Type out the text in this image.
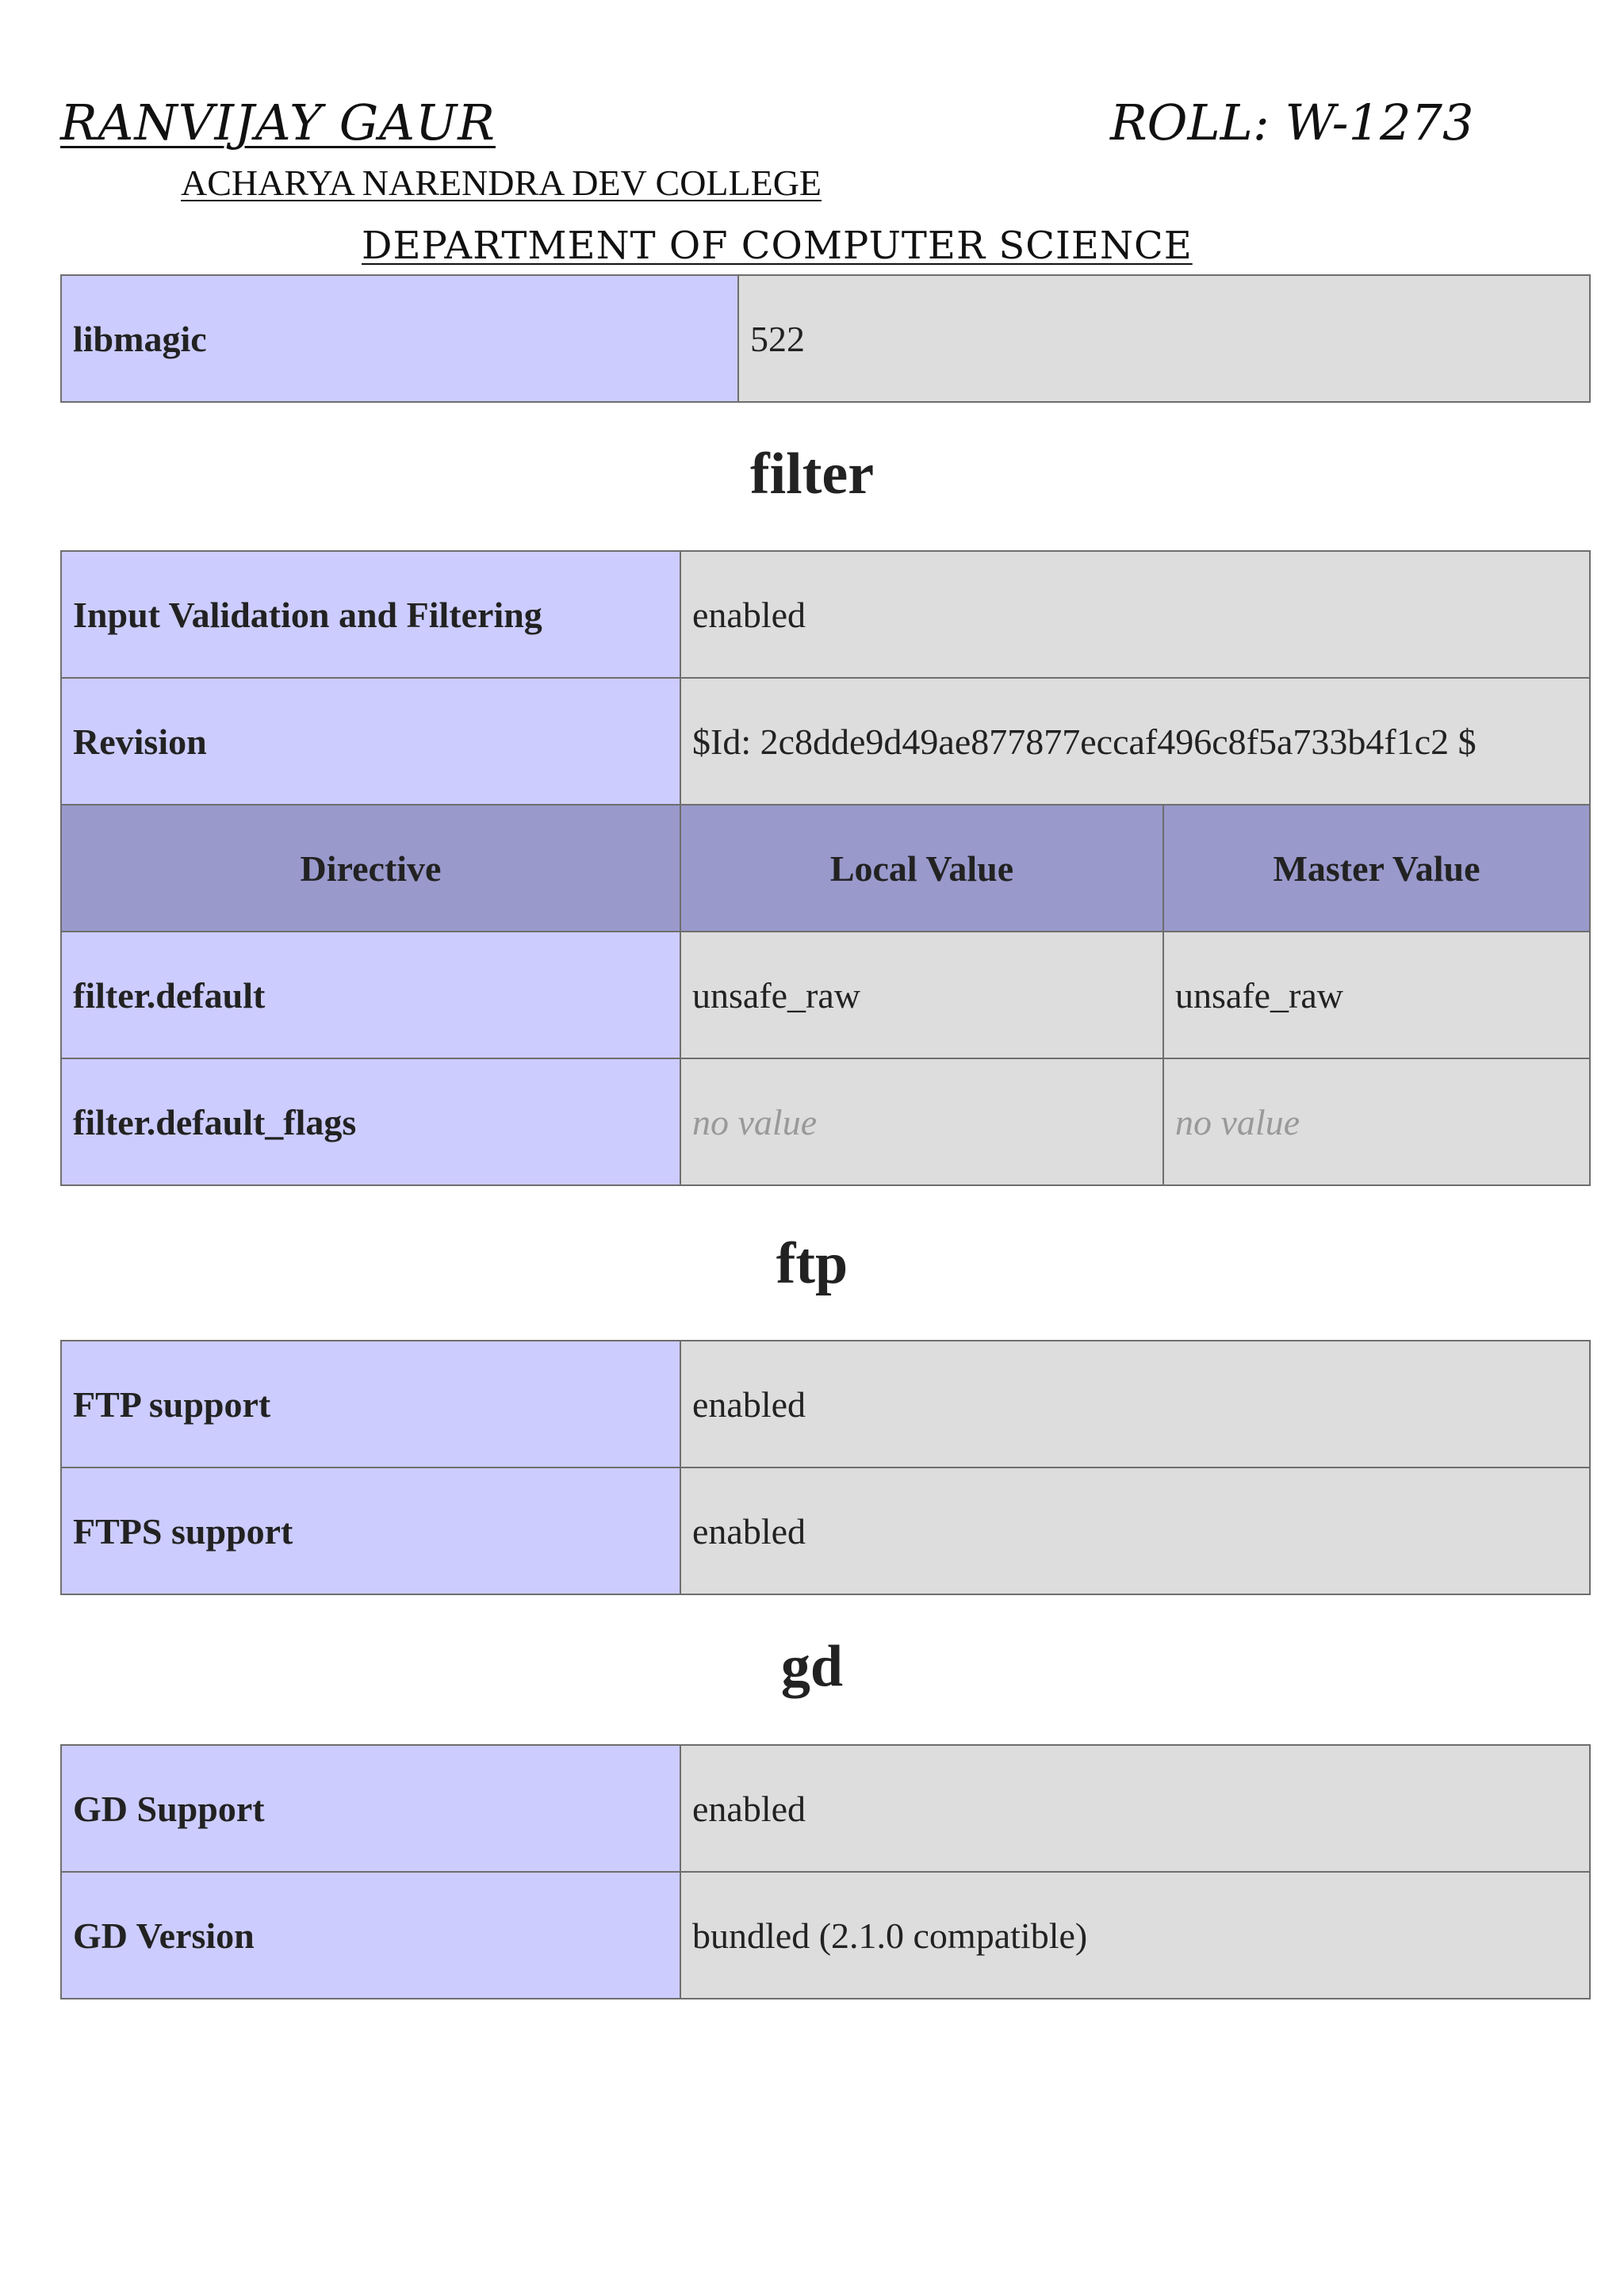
RANVIJAY GAUR	ROLL: W-1273
ACHARYA NARENDRA DEV COLLEGE
DEPARTMENT OF COMPUTER SCIENCE
libmagic	522
filter
Input Validation and Filtering	enabled	
Revision	$Id: 2c8dde9d49ae877877eccaf496c8f5a733b4f1c2 $	
Directive	Local Value	Master Value
filter.default	unsafe_raw	unsafe_raw
filter.default_flags	no value	no value
ftp
FTP support	enabled
FTPS support	enabled
gd
GD Support	enabled
GD Version	bundled (2.1.0 compatible)
